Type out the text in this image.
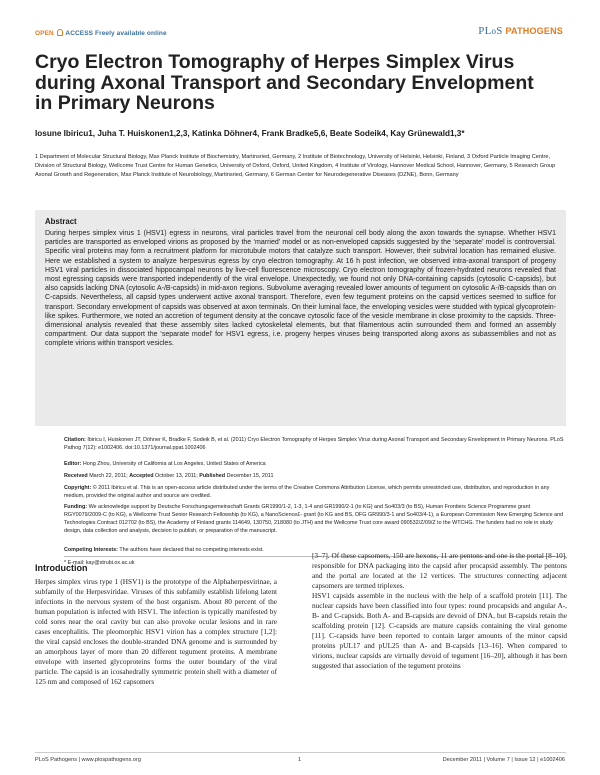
OPEN ACCESS Freely available online	PLoS PATHOGENS
Cryo Electron Tomography of Herpes Simplex Virus during Axonal Transport and Secondary Envelopment in Primary Neurons
Iosune Ibiricu1, Juha T. Huiskonen1,2,3, Katinka Döhner4, Frank Bradke5,6, Beate Sodeik4, Kay Grünewald1,3*
1 Department of Molecular Structural Biology, Max Planck Institute of Biochemistry, Martinsried, Germany, 2 Institute of Biotechnology, University of Helsinki, Helsinki, Finland, 3 Oxford Particle Imaging Centre, Division of Structural Biology, Wellcome Trust Centre for Human Genetics, University of Oxford, Oxford, United Kingdom, 4 Institute of Virology, Hannover Medical School, Hannover, Germany, 5 Research Group Axonal Growth and Regeneration, Max Planck Institute of Neurobiology, Martinsried, Germany, 6 German Center for Neurodegenerative Diseases (DZNE), Bonn, Germany
Abstract
During herpes simplex virus 1 (HSV1) egress in neurons, viral particles travel from the neuronal cell body along the axon towards the synapse. Whether HSV1 particles are transported as enveloped virions as proposed by the ‘married’ model or as non-enveloped capsids suggested by the ‘separate’ model is controversial. Specific viral proteins may form a recruitment platform for microtubule motors that catalyze such transport. However, their subviral location has remained elusive. Here we established a system to analyze herpesvirus egress by cryo electron tomography. At 16 h post infection, we observed intra-axonal transport of progeny HSV1 viral particles in dissociated hippocampal neurons by live-cell fluorescence microscopy. Cryo electron tomography of frozen-hydrated neurons revealed that most egressing capsids were transported independently of the viral envelope. Unexpectedly, we found not only DNA-containing capsids (cytosolic C-capsids), but also capsids lacking DNA (cytosolic A-/B-capsids) in mid-axon regions. Subvolume averaging revealed lower amounts of tegument on cytosolic A-/B-capsids than on C-capsids. Nevertheless, all capsid types underwent active axonal transport. Therefore, even few tegument proteins on the capsid vertices seemed to suffice for transport. Secondary envelopment of capsids was observed at axon terminals. On their luminal face, the enveloping vesicles were studded with typical glycoprotein-like spikes. Furthermore, we noted an accretion of tegument density at the concave cytosolic face of the vesicle membrane in close proximity to the capsids. Three-dimensional analysis revealed that these assembly sites lacked cytoskeletal elements, but that filamentous actin surrounded them and formed an assembly compartment. Our data support the ‘separate model’ for HSV1 egress, i.e. progeny herpes viruses being transported along axons as subassemblies and not as complete virions within transport vesicles.
Citation: Ibiricu I, Huiskonen JT, Döhner K, Bradke F, Sodeik B, et al. (2011) Cryo Electron Tomography of Herpes Simplex Virus during Axonal Transport and Secondary Envelopment in Primary Neurons. PLoS Pathog 7(12): e1002406. doi:10.1371/journal.ppat.1002406
Editor: Hong Zhou, University of California at Los Angeles, United States of America
Received March 22, 2011; Accepted October 13, 2011; Published December 15, 2011
Copyright: © 2011 Ibiricu et al. This is an open-access article distributed under the terms of the Creative Commons Attribution License, which permits unrestricted use, distribution, and reproduction in any medium, provided the original author and source are credited.
Funding: We acknowledge support by Deutsche Forschungsgemeinschaft Grants GR1990/1-2, 1-3, 1-4 and GR1990/2-1 (to KG) and So403/3 (to BS), Human Frontiers Science Programme grant RGY0079/2009-C (to KG), a Wellcome Trust Senior Research Fellowship (to KG), a NanoScience£- grant (to KG and BS, DFG GR990/3-1 and So403/4-1), a European Commission New Emerging Science and Technologies Contract 012702 (to BS), the Academy of Finland grants 114649, 130750, 218080 (to JTH) and the Wellcome Trust core award 090532/Z/09/Z to the WTCHG. The funders had no role in study design, data collection and analysis, decision to publish, or preparation of the manuscript.
Competing Interests: The authors have declared that no competing interests exist.
* E-mail: kay@strubi.ox.ac.uk
Introduction
Herpes simplex virus type 1 (HSV1) is the prototype of the Alphaherpesvirinae, a subfamily of the Herpesviridae. Viruses of this subfamily establish lifelong latent infections in the nervous system of the host organism. About 80 percent of the human population is infected with HSV1. The infection is typically manifested by cold sores near the oral cavity but can also provoke ocular lesions and in rare cases encephalitis. The pleomorphic HSV1 virion has a complex structure [1,2]: the viral capsid encloses the double-stranded DNA genome and is surrounded by an amorphous layer of more than 20 different tegument proteins. A membrane envelope with inserted glycoproteins forms the outer boundary of the viral particle. The capsid is an icosahedrally symmetric protein shell with a diameter of 125 nm and composed of 162 capsomers
[3–7]. Of these capsomers, 150 are hexons, 11 are pentons and one is the portal [8–10], responsible for DNA packaging into the capsid after procapsid assembly. The pentons and the portal are located at the 12 vertices. The structures connecting adjacent capsomers are termed triplexes.
HSV1 capsids assemble in the nucleus with the help of a scaffold protein [11]. The nuclear capsids have been classified into four types: round procapsids and angular A-, B- and C-capsids. Both A- and B-capsids are devoid of DNA, but B-capsids retain the scaffolding protein [12]. C-capsids are mature capsids containing the viral genome [11]. C-capsids have been reported to contain larger amounts of the minor capsid proteins pUL17 and pUL25 than A- and B-capsids [13–16]. When compared to virions, nuclear capsids are virtually devoid of tegument [16–20], although it has been suggested that association of the tegument proteins
PLoS Pathogens | www.plospathogens.org	1	December 2011 | Volume 7 | Issue 12 | e1002406
